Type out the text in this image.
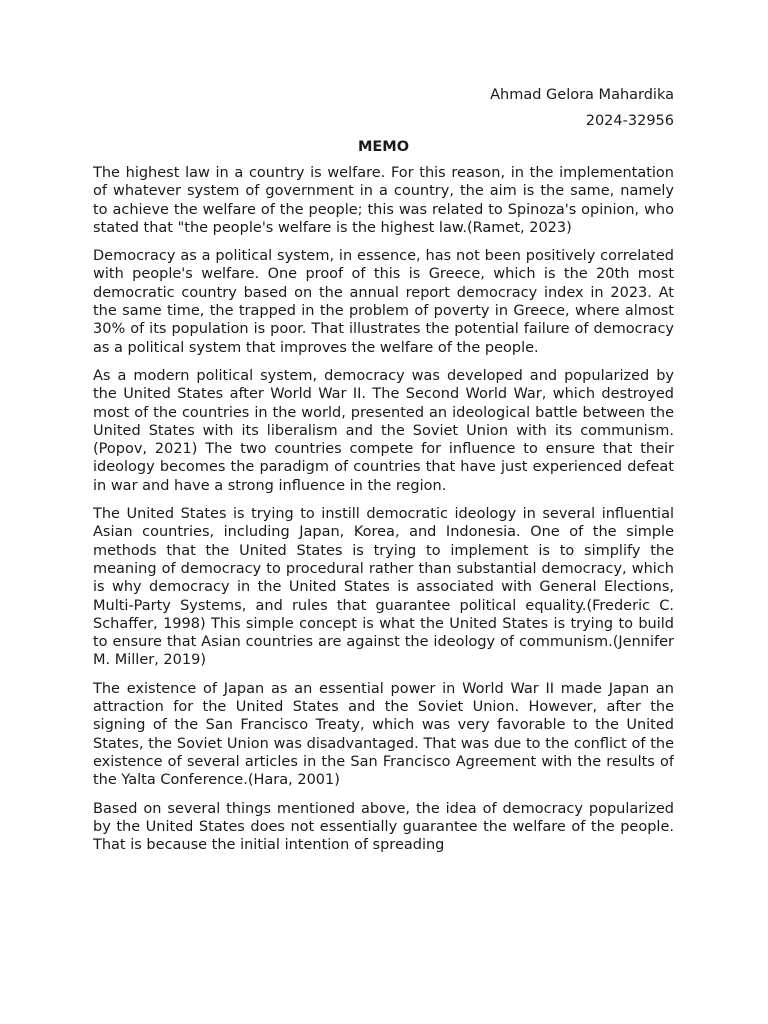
Ahmad Gelora Mahardika

2024-32956

MEMO

The highest law in a country is welfare. For this reason, in the implementation of whatever system of government in a country, the aim is the same, namely to achieve the welfare of the people; this was related to Spinoza's opinion, who stated that "the people's welfare is the highest law.(Ramet, 2023)

Democracy as a political system, in essence, has not been positively correlated with people's welfare. One proof of this is Greece, which is the 20th most democratic country based on the annual report democracy index in 2023. At the same time, the trapped in the problem of poverty in Greece, where almost 30% of its population is poor. That illustrates the potential failure of democracy as a political system that improves the welfare of the people.

As a modern political system, democracy was developed and popularized by the United States after World War II. The Second World War, which destroyed most of the countries in the world, presented an ideological battle between the United States with its liberalism and the Soviet Union with its communism.(Popov, 2021) The two countries compete for influence to ensure that their ideology becomes the paradigm of countries that have just experienced defeat in war and have a strong influence in the region.

The United States is trying to instill democratic ideology in several influential Asian countries, including Japan, Korea, and Indonesia. One of the simple methods that the United States is trying to implement is to simplify the meaning of democracy to procedural rather than substantial democracy, which is why democracy in the United States is associated with General Elections, Multi-Party Systems, and rules that guarantee political equality.(Frederic C. Schaffer, 1998) This simple concept is what the United States is trying to build to ensure that Asian countries are against the ideology of communism.(Jennifer M. Miller, 2019)

The existence of Japan as an essential power in World War II made Japan an attraction for the United States and the Soviet Union. However, after the signing of the San Francisco Treaty, which was very favorable to the United States, the Soviet Union was disadvantaged. That was due to the conflict of the existence of several articles in the San Francisco Agreement with the results of the Yalta Conference.(Hara, 2001)

Based on several things mentioned above, the idea of democracy popularized by the United States does not essentially guarantee the welfare of the people. That is because the initial intention of spreading
